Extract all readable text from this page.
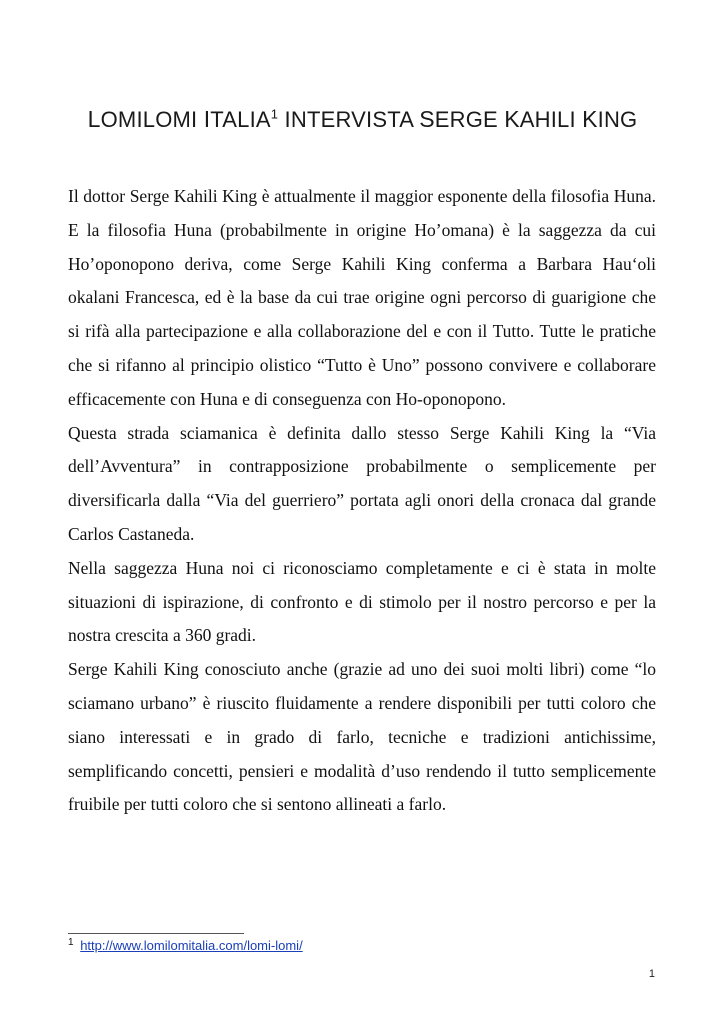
LOMILOMI ITALIA$^1$ INTERVISTA SERGE KAHILI KING

Il dottor Serge Kahili King è attualmente il maggior esponente della filosofia Huna. E la filosofia Huna (probabilmente in origine Ho’omana) è la saggezza da cui Ho’oponopono deriva, come Serge Kahili King conferma a Barbara Hau‘oli okalani Francesca, ed è la base da cui trae origine ogni percorso di guarigione che si rifà alla partecipazione e alla collaborazione del e con il Tutto. Tutte le pratiche che si rifanno al principio olistico “Tutto è Uno” possono convivere e collaborare efficacemente con Huna e di conseguenza con Ho-oponopono.

Questa strada sciamanica è definita dallo stesso Serge Kahili King la “Via dell’Avventura” in contrapposizione probabilmente o semplicemente per diversificarla dalla “Via del guerriero” portata agli onori della cronaca dal grande Carlos Castaneda.

Nella saggezza Huna noi ci riconosciamo completamente e ci è stata in molte situazioni di ispirazione, di confronto e di stimolo per il nostro percorso e per la nostra crescita a 360 gradi.

Serge Kahili King conosciuto anche (grazie ad uno dei suoi molti libri) come “lo sciamano urbano” è riuscito fluidamente a rendere disponibili per tutti coloro che siano interessati e in grado di farlo, tecniche e tradizioni antichissime, semplificando concetti, pensieri e modalità d’uso rendendo il tutto semplicemente fruibile per tutti coloro che si sentono allineati a farlo.

$^1$ http://www.lomilomitalia.com/lomi-lomi/
1
